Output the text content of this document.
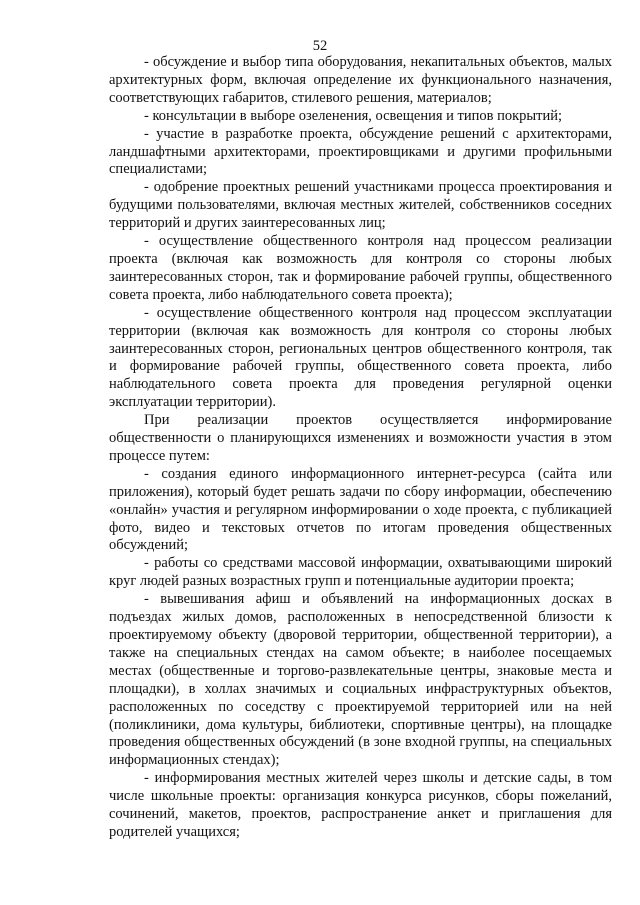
52

- обсуждение и выбор типа оборудования, некапитальных объектов, малых архитектурных форм, включая определение их функционального назначения, соответствующих габаритов, стилевого решения, материалов;

- консультации в выборе озеленения, освещения и типов покрытий;

- участие в разработке проекта, обсуждение решений с архитекторами, ландшафтными архитекторами, проектировщиками и другими профильными специалистами;

- одобрение проектных решений участниками процесса проектирования и будущими пользователями, включая местных жителей, собственников соседних территорий и других заинтересованных лиц;

- осуществление общественного контроля над процессом реализации проекта (включая как возможность для контроля со стороны любых заинтересованных сторон, так и формирование рабочей группы, общественного совета проекта, либо наблюдательного совета проекта);

- осуществление общественного контроля над процессом эксплуатации территории (включая как возможность для контроля со стороны любых заинтересованных сторон, региональных центров общественного контроля, так и формирование рабочей группы, общественного совета проекта, либо наблюдательного совета проекта для проведения регулярной оценки эксплуатации территории).

При реализации проектов осуществляется информирование общественности о планирующихся изменениях и возможности участия в этом процессе путем:

- создания единого информационного интернет-ресурса (сайта или приложения), который будет решать задачи по сбору информации, обеспечению «онлайн» участия и регулярном информировании о ходе проекта, с публикацией фото, видео и текстовых отчетов по итогам проведения общественных обсуждений;

- работы со средствами массовой информации, охватывающими широкий круг людей разных возрастных групп и потенциальные аудитории проекта;

- вывешивания афиш и объявлений на информационных досках в подъездах жилых домов, расположенных в непосредственной близости к проектируемому объекту (дворовой территории, общественной территории), а также на специальных стендах на самом объекте; в наиболее посещаемых местах (общественные и торгово-развлекательные центры, знаковые места и площадки), в холлах значимых и социальных инфраструктурных объектов, расположенных по соседству с проектируемой территорией или на ней (поликлиники, дома культуры, библиотеки, спортивные центры), на площадке проведения общественных обсуждений (в зоне входной группы, на специальных информационных стендах);

- информирования местных жителей через школы и детские сады, в том числе школьные проекты: организация конкурса рисунков, сборы пожеланий, сочинений, макетов, проектов, распространение анкет и приглашения для родителей учащихся;
